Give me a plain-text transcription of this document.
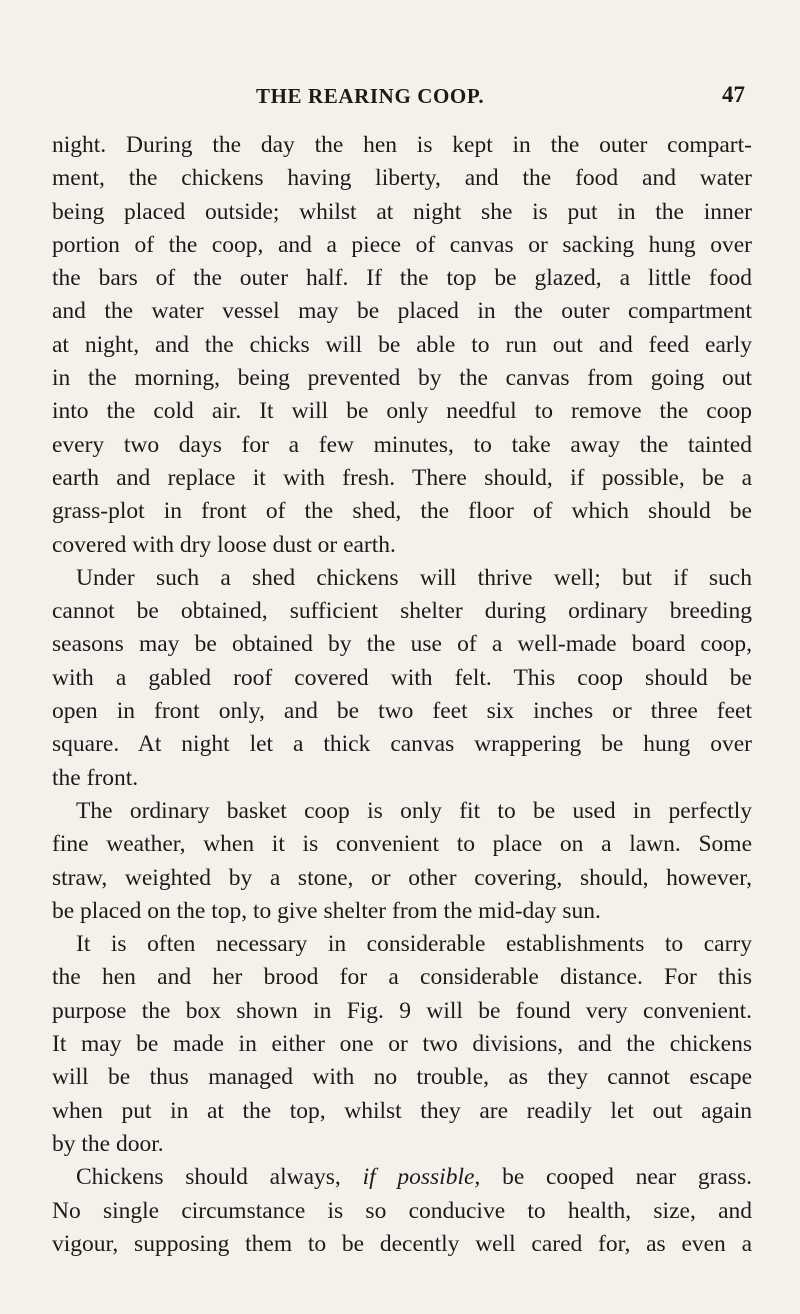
THE REARING COOP.	47
night. During the day the hen is kept in the outer compart-
ment, the chickens having liberty, and the food and water
being placed outside; whilst at night she is put in the inner
portion of the coop, and a piece of canvas or sacking hung over
the bars of the outer half. If the top be glazed, a little food
and the water vessel may be placed in the outer compartment
at night, and the chicks will be able to run out and feed early
in the morning, being prevented by the canvas from going out
into the cold air. It will be only needful to remove the coop
every two days for a few minutes, to take away the tainted
earth and replace it with fresh. There should, if possible, be a
grass-plot in front of the shed, the floor of which should be
covered with dry loose dust or earth.
Under such a shed chickens will thrive well; but if such
cannot be obtained, sufficient shelter during ordinary breeding
seasons may be obtained by the use of a well-made board coop,
with a gabled roof covered with felt. This coop should be
open in front only, and be two feet six inches or three feet
square. At night let a thick canvas wrappering be hung over
the front.
The ordinary basket coop is only fit to be used in perfectly
fine weather, when it is convenient to place on a lawn. Some
straw, weighted by a stone, or other covering, should, however,
be placed on the top, to give shelter from the mid-day sun.
It is often necessary in considerable establishments to carry
the hen and her brood for a considerable distance. For this
purpose the box shown in Fig. 9 will be found very convenient.
It may be made in either one or two divisions, and the chickens
will be thus managed with no trouble, as they cannot escape
when put in at the top, whilst they are readily let out again
by the door.
Chickens should always, if possible, be cooped near grass.
No single circumstance is so conducive to health, size, and
vigour, supposing them to be decently well cared for, as even a
